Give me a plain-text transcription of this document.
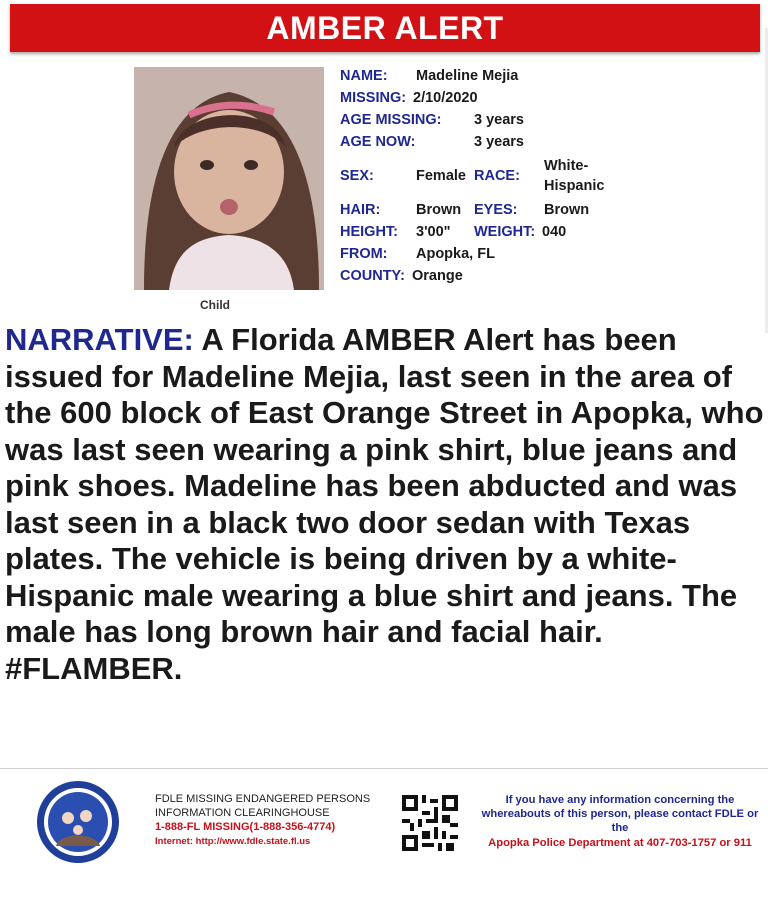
AMBER ALERT
Child
NAME: Madeline Mejia
MISSING: 2/10/2020
AGE MISSING: 3 years
AGE NOW:	3 years
SEX:	Female RACE:
White-
Hispanic
HAIR: Brown EYES: Brown
HEIGHT: 3'00" WEIGHT: 040
FROM: Apopka, FL
COUNTY: Orange
NARRATIVE: A Florida AMBER Alert has been issued for Madeline Mejia, last seen in the area of the 600 block of East Orange Street in Apopka, who was last seen wearing a pink shirt, blue jeans and pink shoes. Madeline has been abducted and was last seen in a black two door sedan with Texas plates. The vehicle is being driven by a white-Hispanic male wearing a blue shirt and jeans. The male has long brown hair and facial hair. #FLAMBER.
FDLE MISSING ENDANGERED PERSONS
INFORMATION CLEARINGHOUSE
1-888-FL MISSING(1-888-356-4774)
Internet: http://www.fdle.state.fl.us
If you have any information concerning the
whereabouts of this person, please contact FDLE or
the
Apopka Police Department at 407-703-1757 or 911
